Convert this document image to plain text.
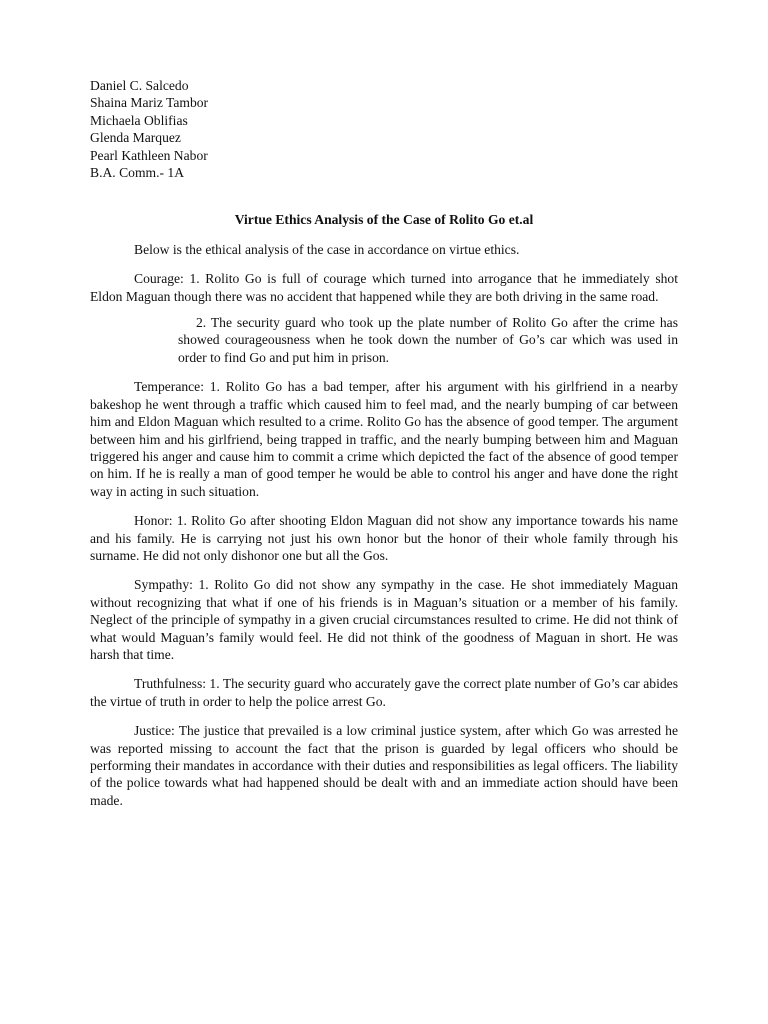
Daniel C. Salcedo
Shaina Mariz Tambor
Michaela Oblifias
Glenda Marquez
Pearl Kathleen Nabor
B.A. Comm.- 1A
Virtue Ethics Analysis of the Case of Rolito Go et.al

Below is the ethical analysis of the case in accordance on virtue ethics.

Courage: 1. Rolito Go is full of courage which turned into arrogance that he immediately shot Eldon Maguan though there was no accident that happened while they are both driving in the same road.

2. The security guard who took up the plate number of Rolito Go after the crime has showed courageousness when he took down the number of Go’s car which was used in order to find Go and put him in prison.

Temperance: 1. Rolito Go has a bad temper, after his argument with his girlfriend in a nearby bakeshop he went through a traffic which caused him to feel mad, and the nearly bumping of car between him and Eldon Maguan which resulted to a crime. Rolito Go has the absence of good temper. The argument between him and his girlfriend, being trapped in traffic, and the nearly bumping between him and Maguan triggered his anger and cause him to commit a crime which depicted the fact of the absence of good temper on him. If he is really a man of good temper he would be able to control his anger and have done the right way in acting in such situation.

Honor: 1. Rolito Go after shooting Eldon Maguan did not show any importance towards his name and his family. He is carrying not just his own honor but the honor of their whole family through his surname. He did not only dishonor one but all the Gos.

Sympathy: 1. Rolito Go did not show any sympathy in the case. He shot immediately Maguan without recognizing that what if one of his friends is in Maguan’s situation or a member of his family. Neglect of the principle of sympathy in a given crucial circumstances resulted to crime. He did not think of what would Maguan’s family would feel. He did not think of the goodness of Maguan in short. He was harsh that time.

Truthfulness: 1. The security guard who accurately gave the correct plate number of Go’s car abides the virtue of truth in order to help the police arrest Go.

Justice: The justice that prevailed is a low criminal justice system, after which Go was arrested he was reported missing to account the fact that the prison is guarded by legal officers who should be performing their mandates in accordance with their duties and responsibilities as legal officers. The liability of the police towards what had happened should be dealt with and an immediate action should have been made.
